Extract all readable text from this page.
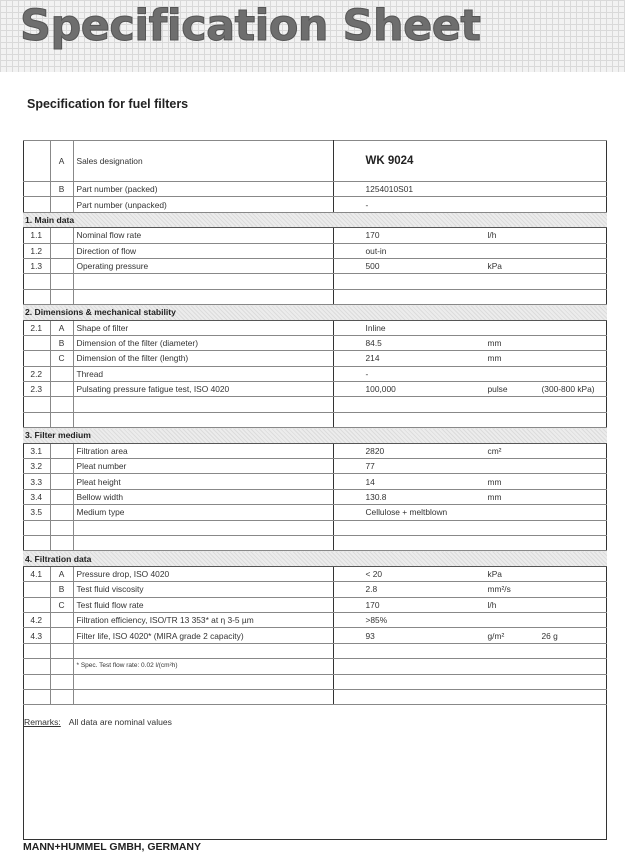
Specification Sheet
Specification for fuel filters
	A	Sales designation	WK 9024
	B	Part number (packed)	1254010S01
		Part number (unpacked)	-
1. Main data			
1.1		Nominal flow rate	170 l/h

1.2		Direction of flow	out-in
1.3		Operating pressure	500 kPa

2. Dimensions & mechanical stability			
2.1	A	Shape of filter	Inline
	B	Dimension of the filter (diameter)	84.5 mm

	C	Dimension of the filter (length)	214 mm

2.2		Thread	-
2.3		Pulsating pressure fatigue test, ISO 4020	100,000 pulse (300-800 kPa)

3. Filter medium			
3.1		Filtration area	2820 cm²

3.2		Pleat number	77
3.3		Pleat height	14 mm

3.4		Bellow width	130.8 mm

3.5		Medium type	Cellulose + meltblown

4. Filtration data			
4.1	A	Pressure drop, ISO 4020	< 20 kPa

	B	Test fluid viscosity	2.8 mm²/s

	C	Test fluid flow rate	170 l/h

4.2		Filtration efficiency, ISO/TR 13 353* at η 3-5 µm	>85%
4.3		Filter life, ISO 4020* (MIRA grade 2 capacity)	93 g/m² 26 g

		* Spec. Test flow rate: 0.02 l/(cm²h)	

Remarks: All data are nominal values
MANN+HUMMEL GMBH, GERMANY
